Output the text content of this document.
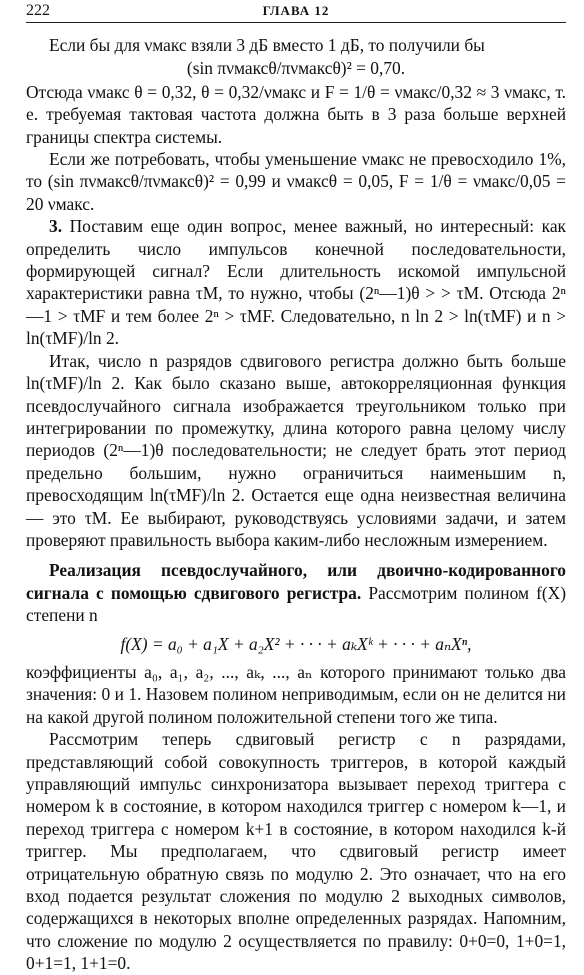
222	ГЛАВА 12

Если бы для νмакс взяли 3 дБ вместо 1 дБ, то получили бы

(sin πνмаксθ/πνмаксθ)² = 0,70.

Отсюда νмакс θ = 0,32, θ = 0,32/νмакс и F = 1/θ = νмакс/0,32 ≈ 3 νмакс, т. е. требуемая тактовая частота должна быть в 3 раза больше верхней границы спектра системы.

Если же потребовать, чтобы уменьшение νмакс не превосходило 1%, то (sin πνмаксθ/πνмаксθ)² = 0,99 и νмаксθ = 0,05, F = 1/θ = νмакс/0,05 = 20 νмакс.

3. Поставим еще один вопрос, менее важный, но интересный: как определить число импульсов конечной последовательности, формирующей сигнал? Если длительность искомой импульсной характеристики равна τM, то нужно, чтобы (2ⁿ—1)θ > > τM. Отсюда 2ⁿ—1 > τMF и тем более 2ⁿ > τMF. Следовательно, n ln 2 > ln(τMF) и n > ln(τMF)/ln 2.

Итак, число n разрядов сдвигового регистра должно быть больше ln(τMF)/ln 2. Как было сказано выше, автокорреляционная функция псевдослучайного сигнала изображается треугольником только при интегрировании по промежутку, длина которого равна целому числу периодов (2ⁿ—1)θ последовательности; не следует брать этот период предельно большим, нужно ограничиться наименьшим n, превосходящим ln(τMF)/ln 2. Остается еще одна неизвестная величина — это τM. Ее выбирают, руководствуясь условиями задачи, и затем проверяют правильность выбора каким-либо несложным измерением.

Реализация псевдослучайного, или двоично-кодированного сигнала с помощью сдвигового регистра. Рассмотрим полином f(X) степени n

f(X) = a₀ + a₁X + a₂X² + · · · + aₖXᵏ + · · · + aₙXⁿ,

коэффициенты a₀, a₁, a₂, ..., aₖ, ..., aₙ которого принимают только два значения: 0 и 1. Назовем полином неприводимым, если он не делится ни на какой другой полином положительной степени того же типа.

Рассмотрим теперь сдвиговый регистр с n разрядами, представляющий собой совокупность триггеров, в которой каждый управляющий импульс синхронизатора вызывает переход триггера с номером k в состояние, в котором находился триггер с номером k—1, и переход триггера с номером k+1 в состояние, в котором находился k-й триггер. Мы предполагаем, что сдвиговый регистр имеет отрицательную обратную связь по модулю 2. Это означает, что на его вход подается результат сложения по модулю 2 выходных символов, содержащихся в некоторых вполне определенных разрядах. Напомним, что сложение по модулю 2 осуществляется по правилу: 0+0=0, 1+0=1, 0+1=1, 1+1=0.
